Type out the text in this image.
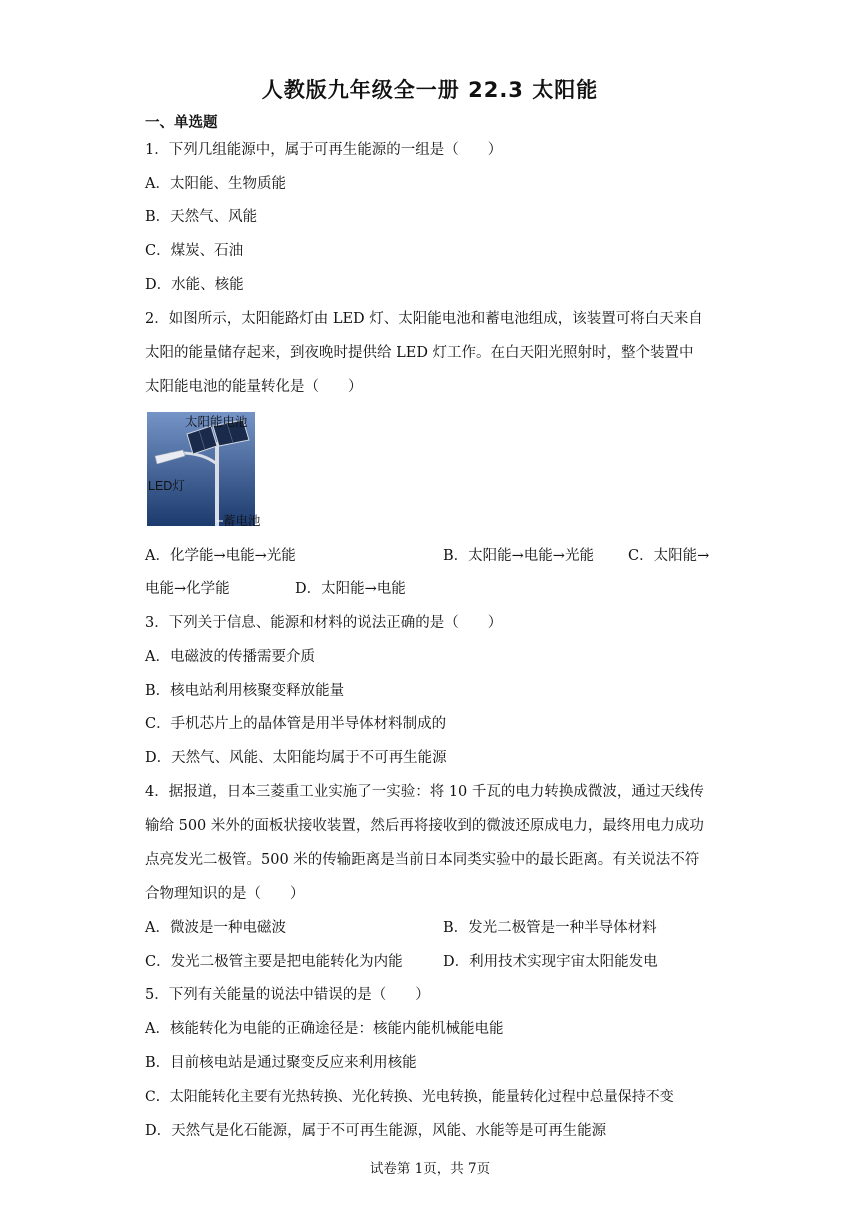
人教版九年级全一册 22.3 太阳能
一、单选题
1．下列几组能源中，属于可再生能源的一组是（　　）
A．太阳能、生物质能
B．天然气、风能
C．煤炭、石油
D．水能、核能
2．如图所示，太阳能路灯由 LED 灯、太阳能电池和蓄电池组成，该装置可将白天来自
太阳的能量储存起来，到夜晚时提供给 LED 灯工作。在白天阳光照射时，整个装置中
太阳能电池的能量转化是（　　）
太阳能电池
LED灯
蓄电池
A．化学能→电能→光能	B．太阳能→电能→光能 C．太阳能→
电能→化学能	D．太阳能→电能
3．下列关于信息、能源和材料的说法正确的是（　　）
A．电磁波的传播需要介质
B．核电站利用核聚变释放能量
C．手机芯片上的晶体管是用半导体材料制成的
D．天然气、风能、太阳能均属于不可再生能源
4．据报道，日本三菱重工业实施了一实验：将 10 千瓦的电力转换成微波，通过天线传
输给 500 米外的面板状接收装置，然后再将接收到的微波还原成电力，最终用电力成功
点亮发光二极管。500 米的传输距离是当前日本同类实验中的最长距离。有关说法不符
合物理知识的是（　　）
A．微波是一种电磁波	B．发光二极管是一种半导体材料
C．发光二极管主要是把电能转化为内能	D．利用技术实现宇宙太阳能发电
5．下列有关能量的说法中错误的是（　　）
A．核能转化为电能的正确途径是：核能内能机械能电能
B．目前核电站是通过聚变反应来利用核能
C．太阳能转化主要有光热转换、光化转换、光电转换，能量转化过程中总量保持不变
D．天然气是化石能源，属于不可再生能源，风能、水能等是可再生能源
试卷第 1页，共 7页
